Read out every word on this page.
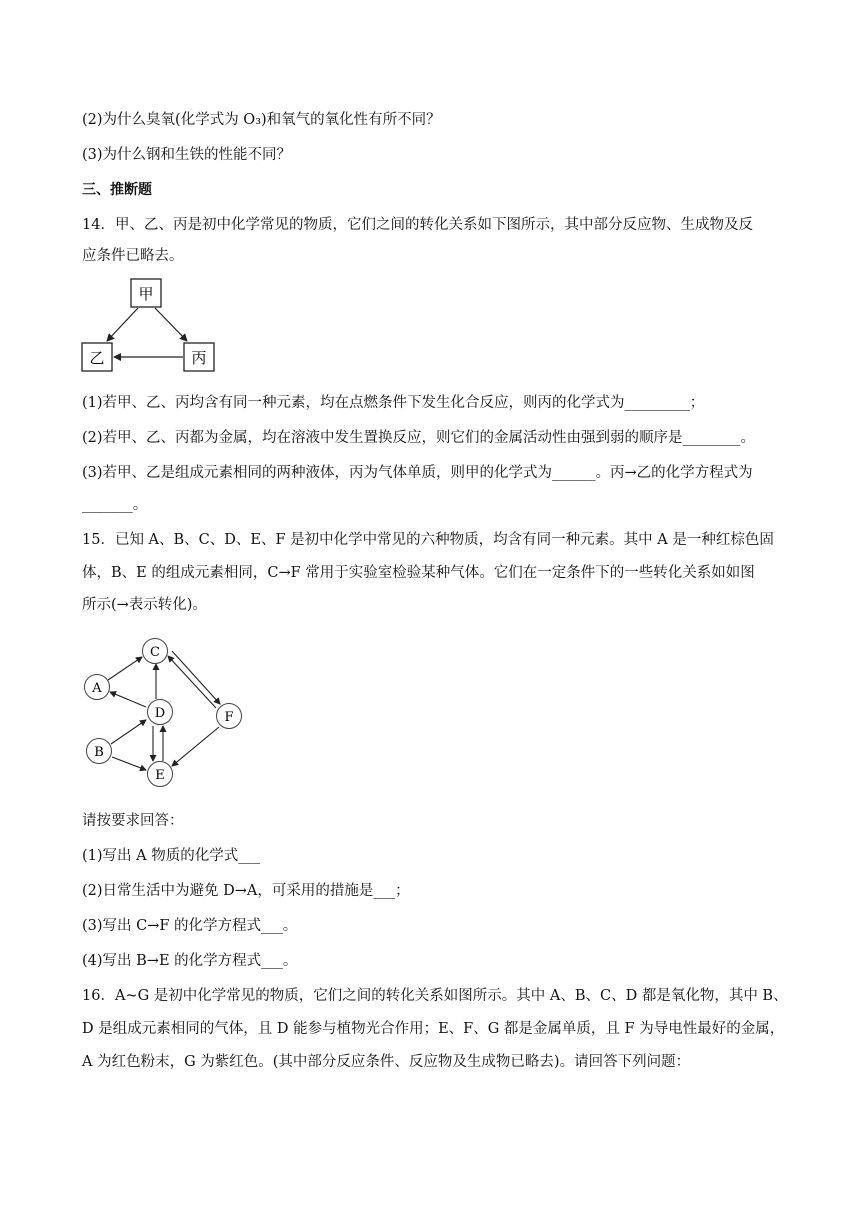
(2)为什么臭氧(化学式为 O₃)和氧气的氧化性有所不同？
(3)为什么钢和生铁的性能不同？
三、推断题
14．甲、乙、丙是初中化学常见的物质，它们之间的转化关系如下图所示，其中部分反应物、生成物及反
应条件已略去。
甲
乙	丙
(1)若甲、乙、丙均含有同一种元素，均在点燃条件下发生化合反应，则丙的化学式为_________；
(2)若甲、乙、丙都为金属，均在溶液中发生置换反应，则它们的金属活动性由强到弱的顺序是________。
(3)若甲、乙是组成元素相同的两种液体，丙为气体单质，则甲的化学式为______。丙→乙的化学方程式为
_______。
15．已知 A、B、C、D、E、F 是初中化学中常见的六种物质，均含有同一种元素。其中 A 是一种红棕色固
体，B、E 的组成元素相同，C→F 常用于实验室检验某种气体。它们在一定条件下的一些转化关系如如图
所示(→表示转化)。
A
B
C
D
E
F
请按要求回答：
(1)写出 A 物质的化学式___
(2)日常生活中为避免 D→A，可采用的措施是___；
(3)写出 C→F 的化学方程式___。
(4)写出 B→E 的化学方程式___。
16．A~G 是初中化学常见的物质，它们之间的转化关系如图所示。其中 A、B、C、D 都是氧化物，其中 B、
D 是组成元素相同的气体，且 D 能参与植物光合作用；E、F、G 都是金属单质，且 F 为导电性最好的金属，
A 为红色粉末，G 为紫红色。(其中部分反应条件、反应物及生成物已略去)。请回答下列问题：
